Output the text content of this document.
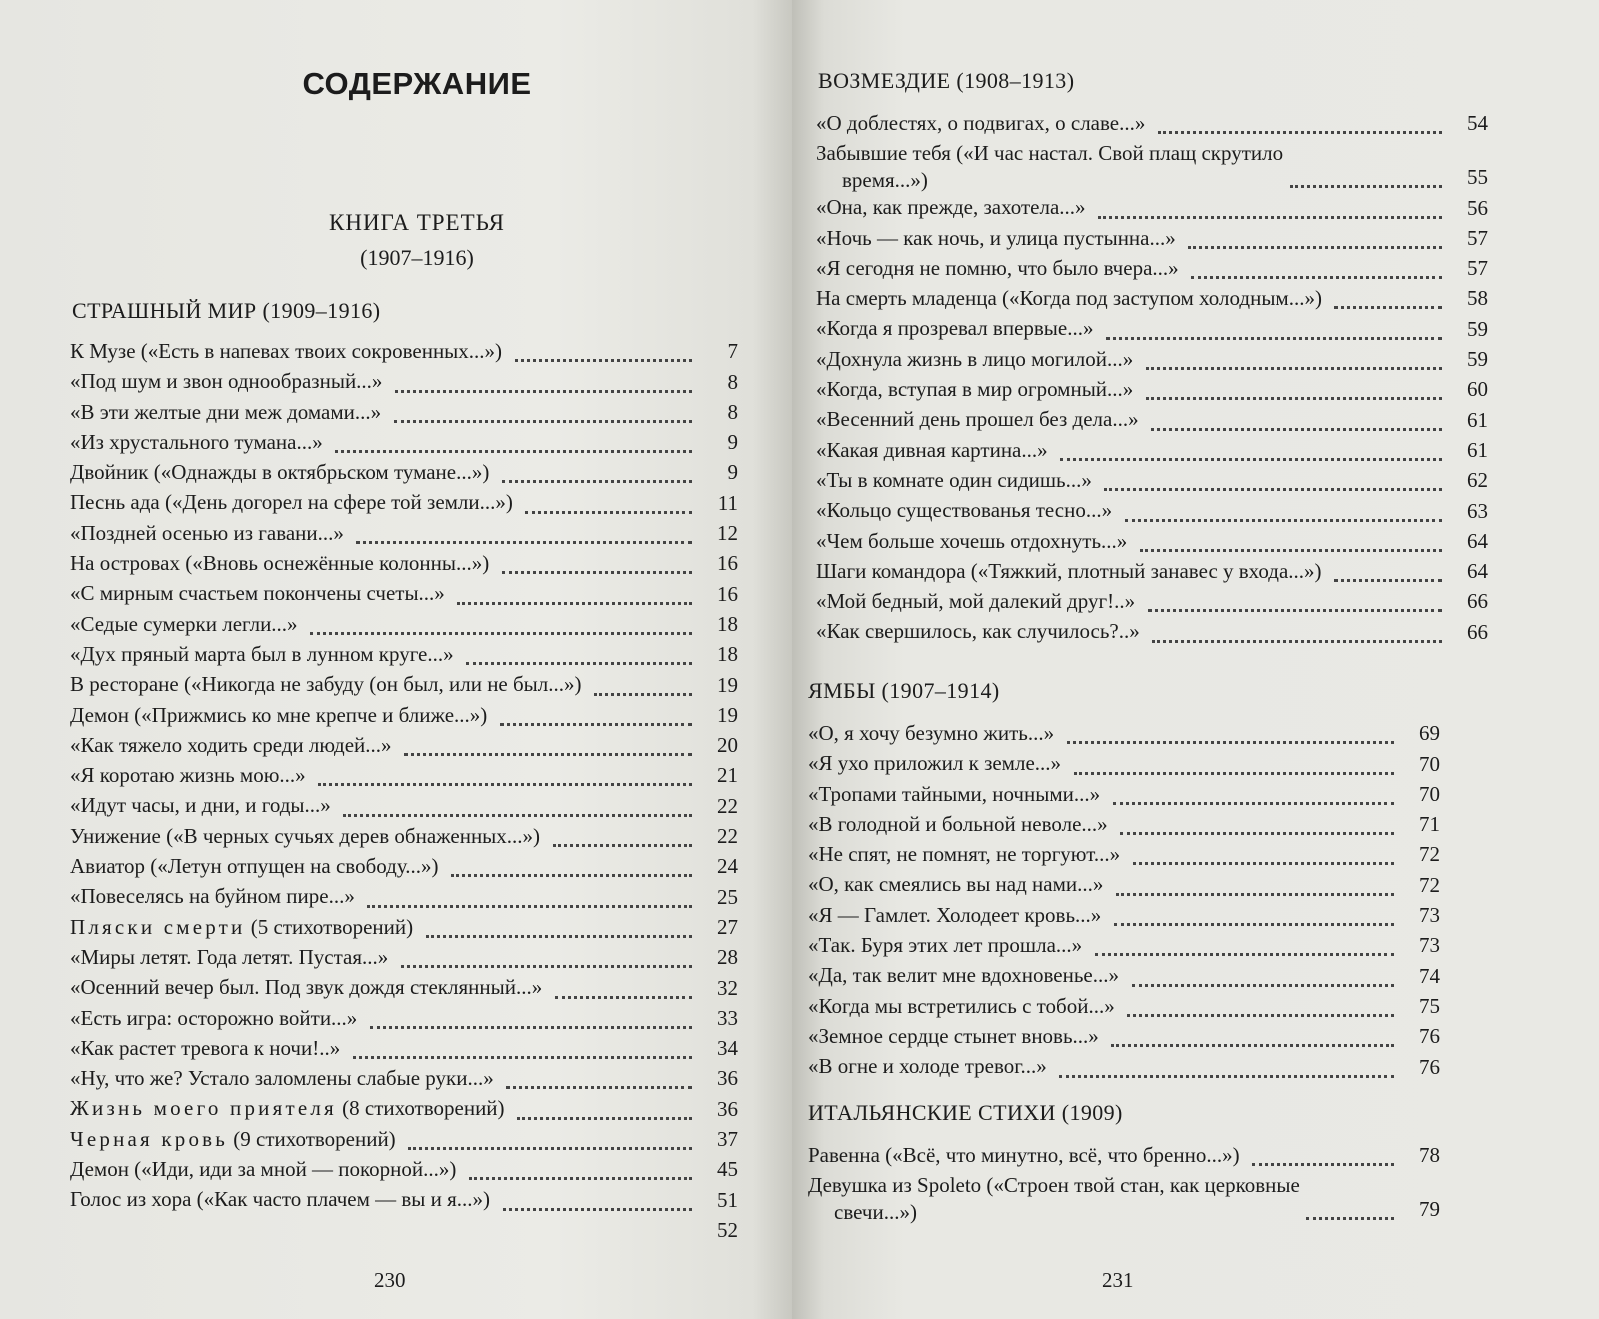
СОДЕРЖАНИЕ
КНИГА ТРЕТЬЯ
(1907–1916)
СТРАШНЫЙ МИР (1909–1916)
К Музе («Есть в напевах твоих сокровенных...»)	7
«Под шум и звон однообразный...»	8
«В эти желтые дни меж домами...»	8
«Из хрустального тумана...»	9
Двойник («Однажды в октябрьском тумане...»)	9
Песнь ада («День догорел на сфере той земли...»)	11
«Поздней осенью из гавани...»	12
На островах («Вновь оснежённые колонны...»)	16
«С мирным счастьем покончены счеты...»	16
«Седые сумерки легли...»	18
«Дух пряный марта был в лунном круге...»	18
В ресторане («Никогда не забуду (он был, или не был...»)	19
Демон («Прижмись ко мне крепче и ближе...»)	19
«Как тяжело ходить среди людей...»	20
«Я коротаю жизнь мою...»	21
«Идут часы, и дни, и годы...»	22
Унижение («В черных сучьях дерев обнаженных...»)	22
Авиатор («Летун отпущен на свободу...»)	24
«Повеселясь на буйном пире...»	25
Пляски смерти (5 стихотворений)	27
«Миры летят. Года летят. Пустая...»	28
«Осенний вечер был. Под звук дождя стеклянный...»	32
«Есть игра: осторожно войти...»	33
«Как растет тревога к ночи!..»	34
«Ну, что же? Устало заломлены слабые руки...»	36
Жизнь моего приятеля (8 стихотворений)	36
Черная кровь (9 стихотворений)	37
Демон («Иди, иди за мной — покорной...»)	45
Голос из хора («Как часто плачем — вы и я...»)	51
52
230
ВОЗМЕЗДИЕ (1908–1913)
«О доблестях, о подвигах, о славе...»	54
Забывшие тебя («И час настал. Свой плащ скрутило
время...»)	55
«Она, как прежде, захотела...»	56
«Ночь — как ночь, и улица пустынна...»	57
«Я сегодня не помню, что было вчера...»	57
На смерть младенца («Когда под заступом холодным...»)	58
«Когда я прозревал впервые...»	59
«Дохнула жизнь в лицо могилой...»	59
«Когда, вступая в мир огромный...»	60
«Весенний день прошел без дела...»	61
«Какая дивная картина...»	61
«Ты в комнате один сидишь...»	62
«Кольцо существованья тесно...»	63
«Чем больше хочешь отдохнуть...»	64
Шаги командора («Тяжкий, плотный занавес у входа...»)	64
«Мой бедный, мой далекий друг!..»	66
«Как свершилось, как случилось?..»	66
ЯМБЫ (1907–1914)
«О, я хочу безумно жить...»	69
«Я ухо приложил к земле...»	70
«Тропами тайными, ночными...»	70
«В голодной и больной неволе...»	71
«Не спят, не помнят, не торгуют...»	72
«О, как смеялись вы над нами...»	72
«Я — Гамлет. Холодеет кровь...»	73
«Так. Буря этих лет прошла...»	73
«Да, так велит мне вдохновенье...»	74
«Когда мы встретились с тобой...»	75
«Земное сердце стынет вновь...»	76
«В огне и холоде тревог...»	76
ИТАЛЬЯНСКИЕ СТИХИ (1909)
Равенна («Всё, что минутно, всё, что бренно...»)	78
Девушка из Spoleto («Строен твой стан, как церковные
свечи...»)	79
231
